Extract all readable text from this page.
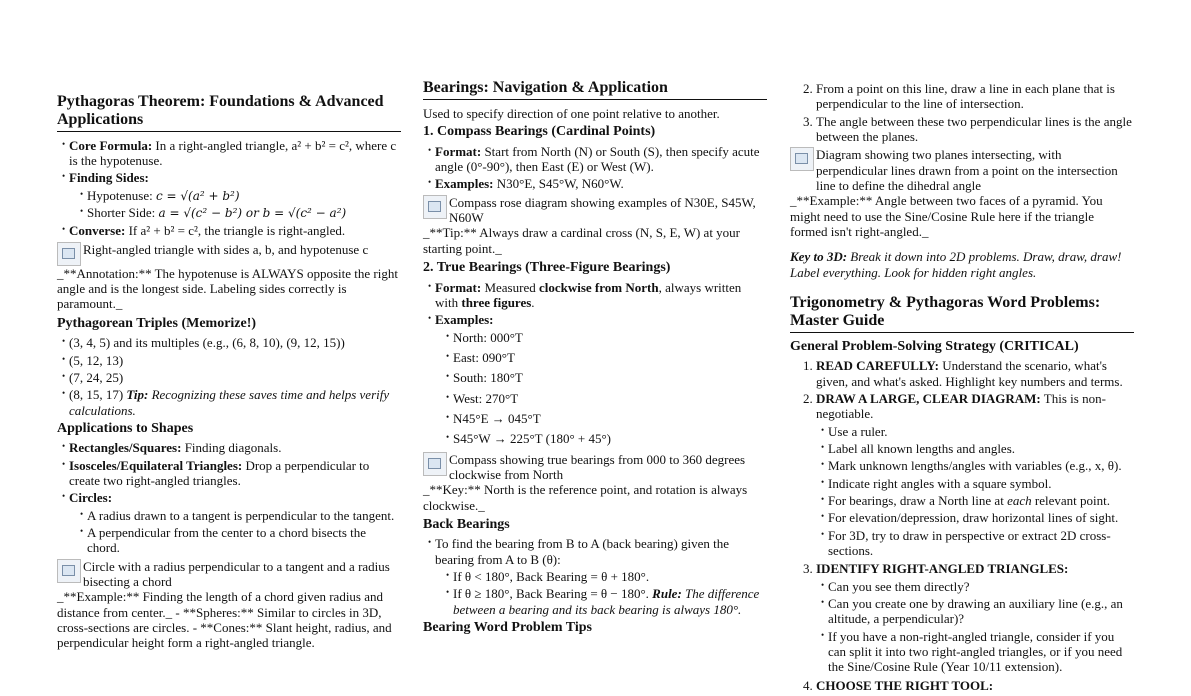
Pythagoras Theorem: Foundations & Advanced Applications
• Core Formula: In a right-angled triangle, a² + b² = c², where c is the hypotenuse.
• Finding Sides:
• Hypotenuse: c = √(a² + b²)
• Shorter Side: a = √(c² − b²) or b = √(c² − a²)
• Converse: If a² + b² = c², the triangle is right-angled.
Right-angled triangle with sides a, b, and hypotenuse c

_**Annotation:** The hypotenuse is ALWAYS opposite the right angle and is the longest side. Labeling sides correctly is paramount._

Pythagorean Triples (Memorize!)
• (3, 4, 5) and its multiples (e.g., (6, 8, 10), (9, 12, 15))
• (5, 12, 13)
• (7, 24, 25)
• (8, 15, 17) Tip: Recognizing these saves time and helps verify calculations.
Applications to Shapes
• Rectangles/Squares: Finding diagonals.
• Isosceles/Equilateral Triangles: Drop a perpendicular to create two right-angled triangles.
• Circles:
• A radius drawn to a tangent is perpendicular to the tangent.
• A perpendicular from the center to a chord bisects the chord.
Circle with a radius perpendicular to a tangent and a radius bisecting a chord

_**Example:** Finding the length of a chord given radius and distance from center._ - **Spheres:** Similar to circles in 3D, cross-sections are circles. - **Cones:** Slant height, radius, and perpendicular height form a right-angled triangle.

Bearings: Navigation & Application

Used to specify direction of one point relative to another.

1. Compass Bearings (Cardinal Points)
• Format: Start from North (N) or South (S), then specify acute angle (0°-90°), then East (E) or West (W).
• Examples: N30°E, S45°W, N60°W.
Compass rose diagram showing examples of N30E, S45W, N60W

_**Tip:** Always draw a cardinal cross (N, S, E, W) at your starting point._

2. True Bearings (Three-Figure Bearings)
• Format: Measured clockwise from North, always written with three figures.
• Examples:
• North: 000°T
• East: 090°T
• South: 180°T
• West: 270°T
• N45°E → 045°T
• S45°W → 225°T (180° + 45°)
Compass showing true bearings from 000 to 360 degrees clockwise from North

_**Key:** North is the reference point, and rotation is always clockwise._

Back Bearings
• To find the bearing from B to A (back bearing) given the bearing from A to B (θ):
• If θ < 180°, Back Bearing = θ + 180°.
• If θ ≥ 180°, Back Bearing = θ − 180°. Rule: The difference between a bearing and its back bearing is always 180°.
Bearing Word Problem Tips
2. From a point on this line, draw a line in each plane that is perpendicular to the line of intersection.
3. The angle between these two perpendicular lines is the angle between the planes.
Diagram showing two planes intersecting, with perpendicular lines drawn from a point on the intersection line to define the dihedral angle

_**Example:** Angle between two faces of a pyramid. You might need to use the Sine/Cosine Rule here if the triangle formed isn't right-angled._

Key to 3D: Break it down into 2D problems. Draw, draw, draw! Label everything. Look for hidden right angles.

Trigonometry & Pythagoras Word Problems: Master Guide
General Problem-Solving Strategy (CRITICAL)
1. READ CAREFULLY: Understand the scenario, what's given, and what's asked. Highlight key numbers and terms.
2. DRAW A LARGE, CLEAR DIAGRAM: This is non-negotiable.
• Use a ruler.
• Label all known lengths and angles.
• Mark unknown lengths/angles with variables (e.g., x, θ).
• Indicate right angles with a square symbol.
• For bearings, draw a North line at each relevant point.
• For elevation/depression, draw horizontal lines of sight.
• For 3D, try to draw in perspective or extract 2D cross-sections.
3. IDENTIFY RIGHT-ANGLED TRIANGLES:
• Can you see them directly?
• Can you create one by drawing an auxiliary line (e.g., an altitude, a perpendicular)?
• If you have a non-right-angled triangle, consider if you can split it into two right-angled triangles, or if you need the Sine/Cosine Rule (Year 10/11 extension).
4. CHOOSE THE RIGHT TOOL:
